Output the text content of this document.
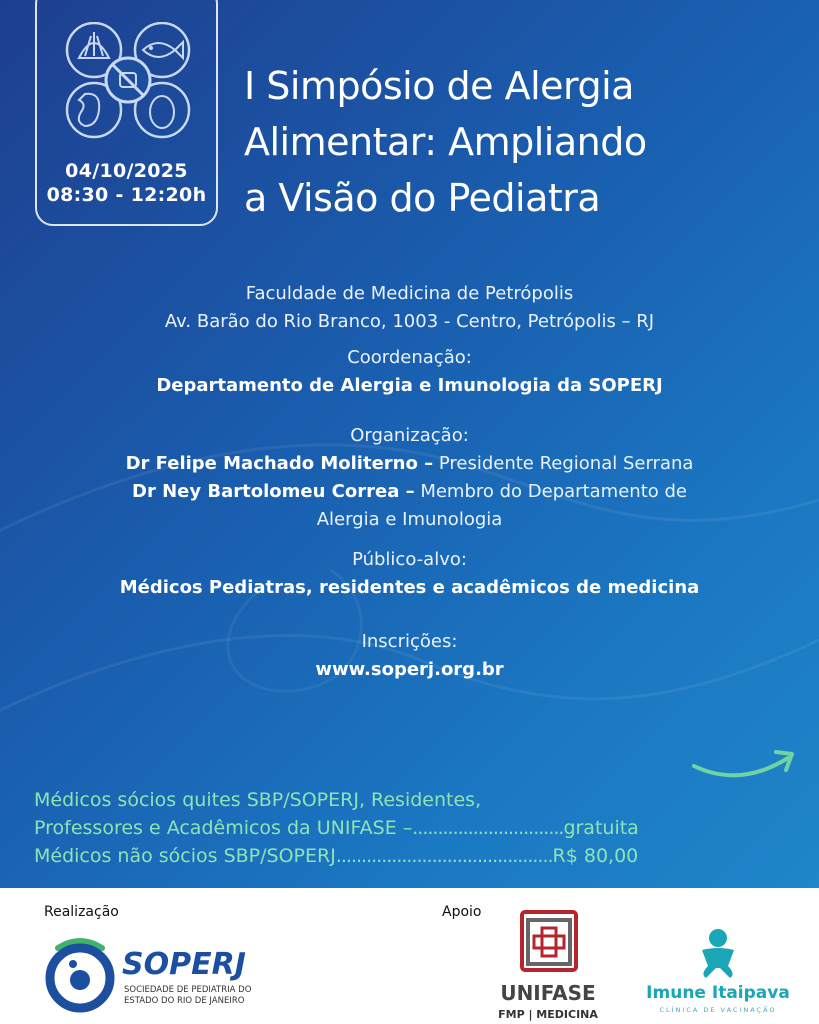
04/10/2025
08:30 - 12:20h
I Simpósio de Alergia
Alimentar: Ampliando
a Visão do Pediatra
Faculdade de Medicina de Petrópolis
Av. Barão do Rio Branco, 1003 - Centro, Petrópolis – RJ
Coordenação:
Departamento de Alergia e Imunologia da SOPERJ
Organização:
Dr Felipe Machado Moliterno – Presidente Regional Serrana
Dr Ney Bartolomeu Correa – Membro do Departamento de
Alergia e Imunologia
Público-alvo:
Médicos Pediatras, residentes e acadêmicos de medicina
Inscrições:
www.soperj.org.br
Médicos sócios quites SBP/SOPERJ, Residentes,
Professores e Acadêmicos da UNIFASE –..............................gratuita
Médicos não sócios SBP/SOPERJ...........................................R$ 80,00
Realização	Apoio
SOPERJ
SOCIEDADE DE PEDIATRIA DO
ESTADO DO RIO DE JANEIRO	UNIFASE
FMP | MEDICINA
Imune Itaipava
CLÍNICA DE VACINAÇÃO
